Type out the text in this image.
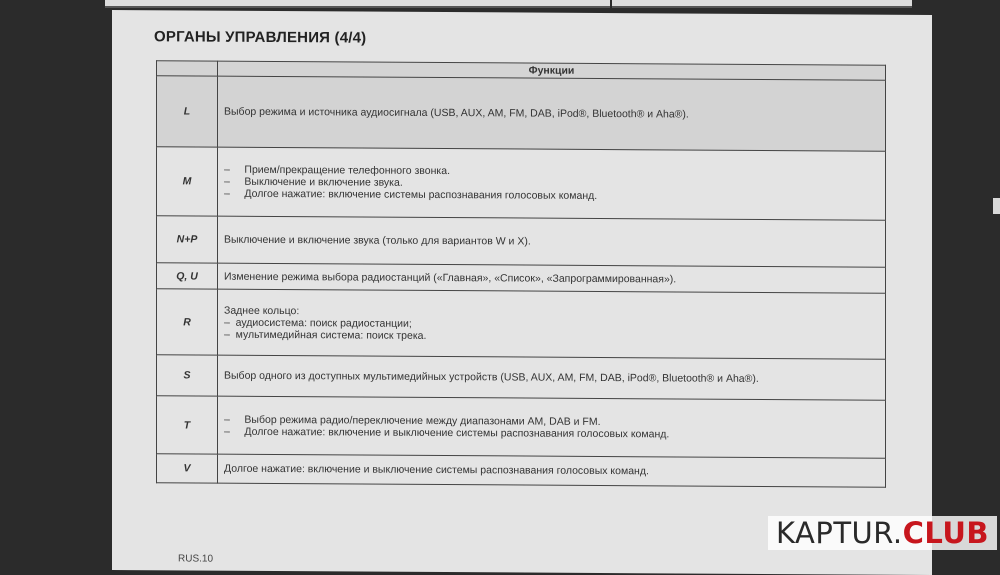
ОРГАНЫ УПРАВЛЕНИЯ (4/4)
	Функции
L	Выбор режима и источника аудиосигнала (USB, AUX, AM, FM, DAB, iPod®, Bluetooth® и Aha®).

M	–     Прием/прекращение телефонного звонка.

–     Выключение и включение звука.

–     Долгое нажатие: включение системы распознавания голосовых команд.

N+P	Выключение и включение звука (только для вариантов W и X).

Q, U	Изменение режима выбора радиостанций («Главная», «Список», «Запрограммированная»).

R	Заднее кольцо:

–  аудиосистема: поиск радиостанции;

–  мультимедийная система: поиск трека.

S	Выбор одного из доступных мультимедийных устройств (USB, AUX, AM, FM, DAB, iPod®, Bluetooth® и Aha®).

T	–     Выбор режима радио/переключение между диапазонами AM, DAB и FM.

–     Долгое нажатие: включение и выключение системы распознавания голосовых команд.

V	Долгое нажатие: включение и выключение системы распознавания голосовых команд.

RUS.10
KAPTUR.CLUB
